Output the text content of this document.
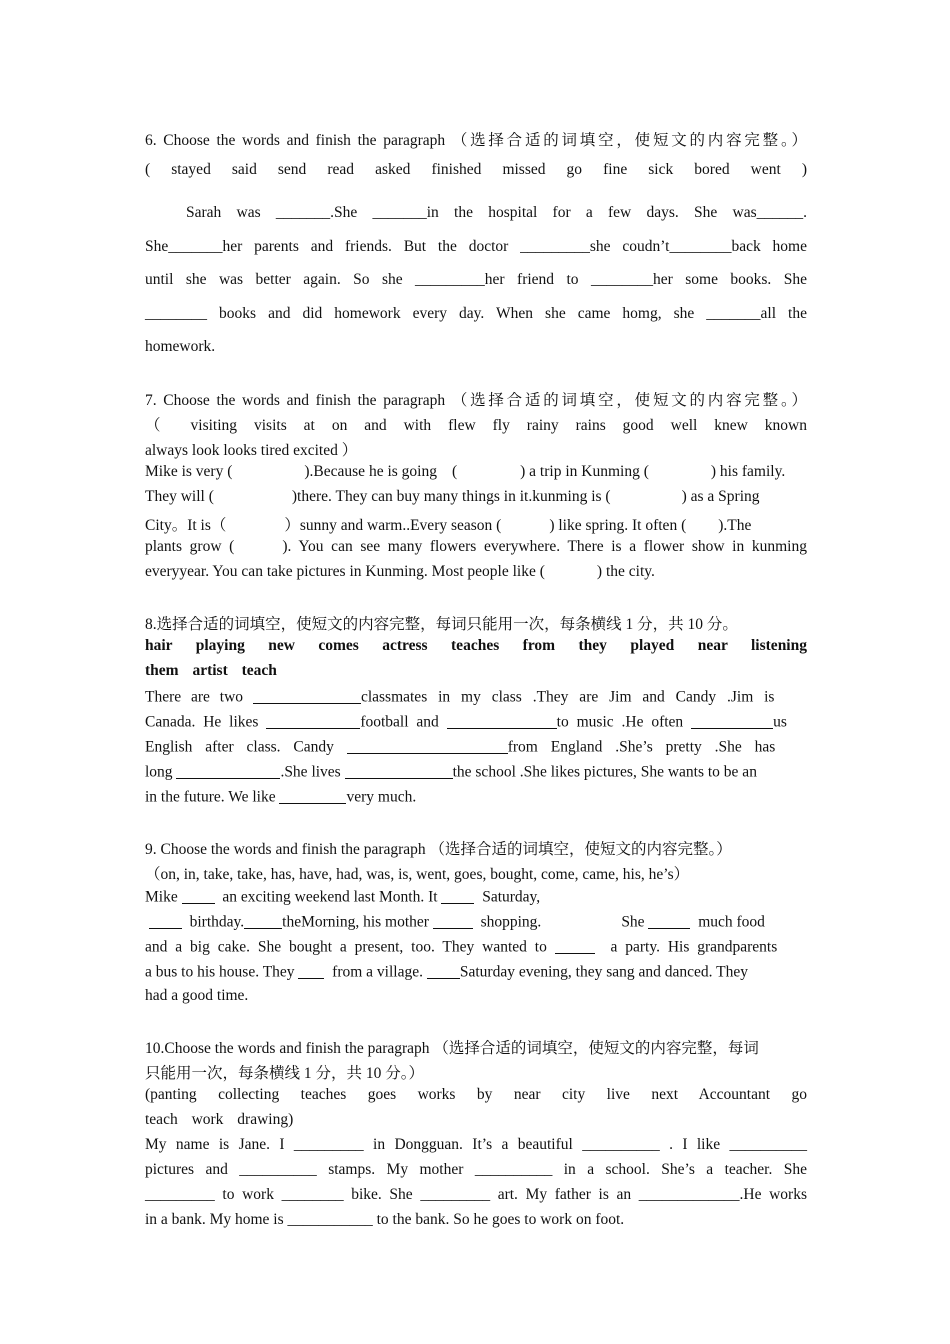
6. Choose the words and finish the paragraph （选择合适的词填空，使短文的内容完整。）
( stayed said send read asked finished missed go fine sick bored went )
Sarah was _______.She _______in the hospital for a few days. She was______.
She_______her parents and friends. But the doctor _________she coudn’t________back home
until she was better again. So she _________her friend to ________her some books. She
________ books and did homework every day. When she came homg, she _______all the
homework.
7. Choose the words and finish the paragraph （选择合适的词填空，使短文的内容完整。）
（ visiting visits at on and with flew fly rainy rains good well knew known
always look looks tired excited ）
Mike is very (	).Because he is going (	) a trip in Kunming (	) his family.
They will (	)there. They can buy many things in it.kunming is (	) as a Spring
City。It is（	）sunny and warm..Every season (	) like spring. It often ( ).The
plants grow (	). You can see many flowers everywhere. There is a flower show in kunming
everyyear. You can take pictures in Kunming. Most people like (	) the city.
8.选择合适的词填空，使短文的内容完整，每词只能用一次，每条横线 1 分，共 10 分。
hair playing new comes actress teaches from they played near listening
them artist teach
There are two	classmates in my class .They are Jim and Candy .Jim is
Canada. He likes	football and	to music .He often	us
English after class. Candy	from England .She’s pretty .She has
long	.She lives	the school .She likes pictures, She wants to be an
in the future. We like	very much.
9. Choose the words and finish the paragraph （选择合适的词填空，使短文的内容完整。）
（on, in, take, take, has, have, had, was, is, went, goes, bought, come, came, his, he’s）
Mike   an exciting weekend last Month. It   Saturday,
birthday. theMorning, his mother	shopping.	She	much food
and a big cake. She bought a present, too. They wanted to	a party. His grandparents
a bus to his house. They   from a village. Saturday evening, they sang and danced. They
had a good time.
10.Choose the words and finish the paragraph （选择合适的词填空，使短文的内容完整，每词
只能用一次，每条横线 1 分，共 10 分。）
(panting collecting teaches goes works by near city live next Accountant go
teach work drawing)
My name is Jane. I _________ in Dongguan. It’s a beautiful __________ . I like __________
pictures and __________ stamps. My mother __________ in a school. She’s a teacher. She
_________ to work ________ bike. She _________ art. My father is an _____________.He works
in a bank. My home is ___________ to the bank. So he goes to work on foot.
